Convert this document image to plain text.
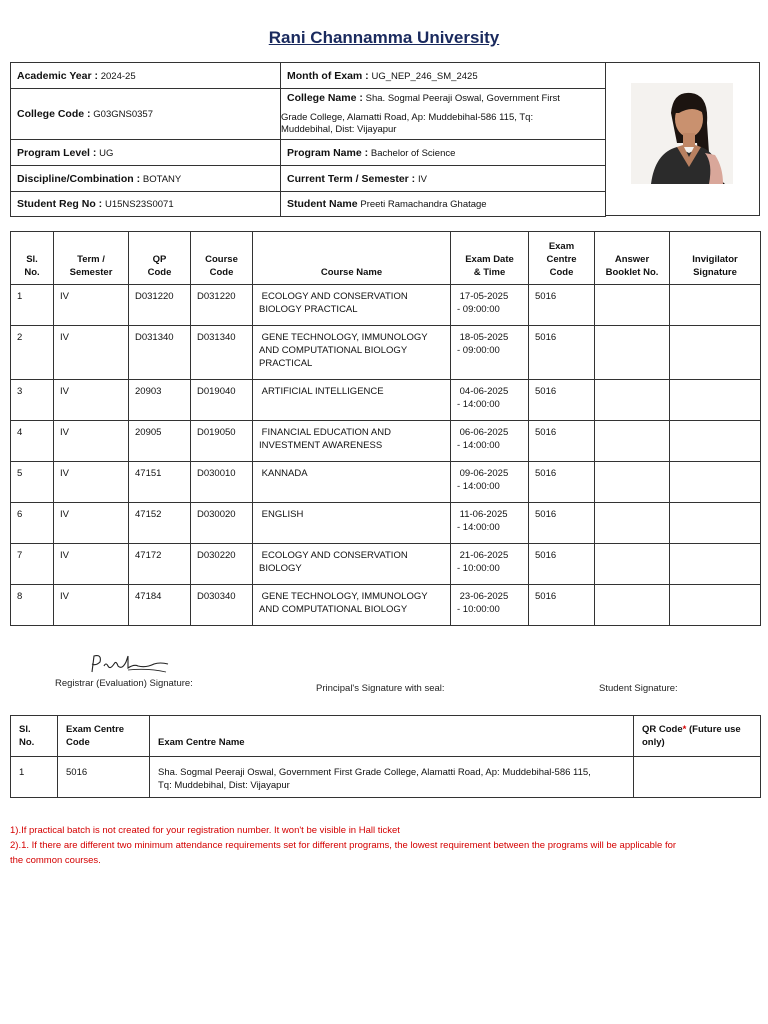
Rani Channamma University
Academic Year : 2024-25	Month of Exam : UG_NEP_246_SM_2425
College Code : G03GNS0357	College Name : Sha. Sogmal Peeraji Oswal, Government First
Grade College, Alamatti Road, Ap: Muddebihal-586 115, Tq:
Muddebihal, Dist: Vijayapur

Program Level : UG	Program Name : Bachelor of Science
Discipline/Combination : BOTANY	Current Term / Semester : IV
Student Reg No : U15NS23S0071	Student Name Preeti Ramachandra Ghatage
Sl.
No.	Term /
Semester	QP
Code	Course
Code	Course Name	Exam Date
& Time	Exam
Centre
Code	Answer
Booklet No.	Invigilator
Signature
1	IV	D031220	D031220	ECOLOGY AND CONSERVATION BIOLOGY PRACTICAL	17-05-2025
- 09:00:00	5016		
2	IV	D031340	D031340	GENE TECHNOLOGY, IMMUNOLOGY AND COMPUTATIONAL BIOLOGY PRACTICAL	18-05-2025
- 09:00:00	5016		
3	IV	20903	D019040	ARTIFICIAL INTELLIGENCE	04-06-2025
- 14:00:00	5016		
4	IV	20905	D019050	FINANCIAL EDUCATION AND INVESTMENT AWARENESS	06-06-2025
- 14:00:00	5016		
5	IV	47151	D030010	KANNADA	09-06-2025
- 14:00:00	5016		
6	IV	47152	D030020	ENGLISH	11-06-2025
- 14:00:00	5016		
7	IV	47172	D030220	ECOLOGY AND CONSERVATION BIOLOGY	21-06-2025
- 10:00:00	5016		
8	IV	47184	D030340	GENE TECHNOLOGY, IMMUNOLOGY AND COMPUTATIONAL BIOLOGY	23-06-2025
- 10:00:00	5016		
Registrar (Evaluation) Signature:	Principal's Signature with seal:	Student Signature:
Sl.
No.	Exam Centre
Code	Exam Centre Name	QR Code* (Future use
only)
1	5016	Sha. Sogmal Peeraji Oswal, Government First Grade College, Alamatti Road, Ap: Muddebihal-586 115,
Tq: Muddebihal, Dist: Vijayapur	
1).If practical batch is not created for your registration number. It won't be visible in Hall ticket
2).1. If there are different two minimum attendance requirements set for different programs, the lowest requirement between the programs will be applicable for
the common courses.
